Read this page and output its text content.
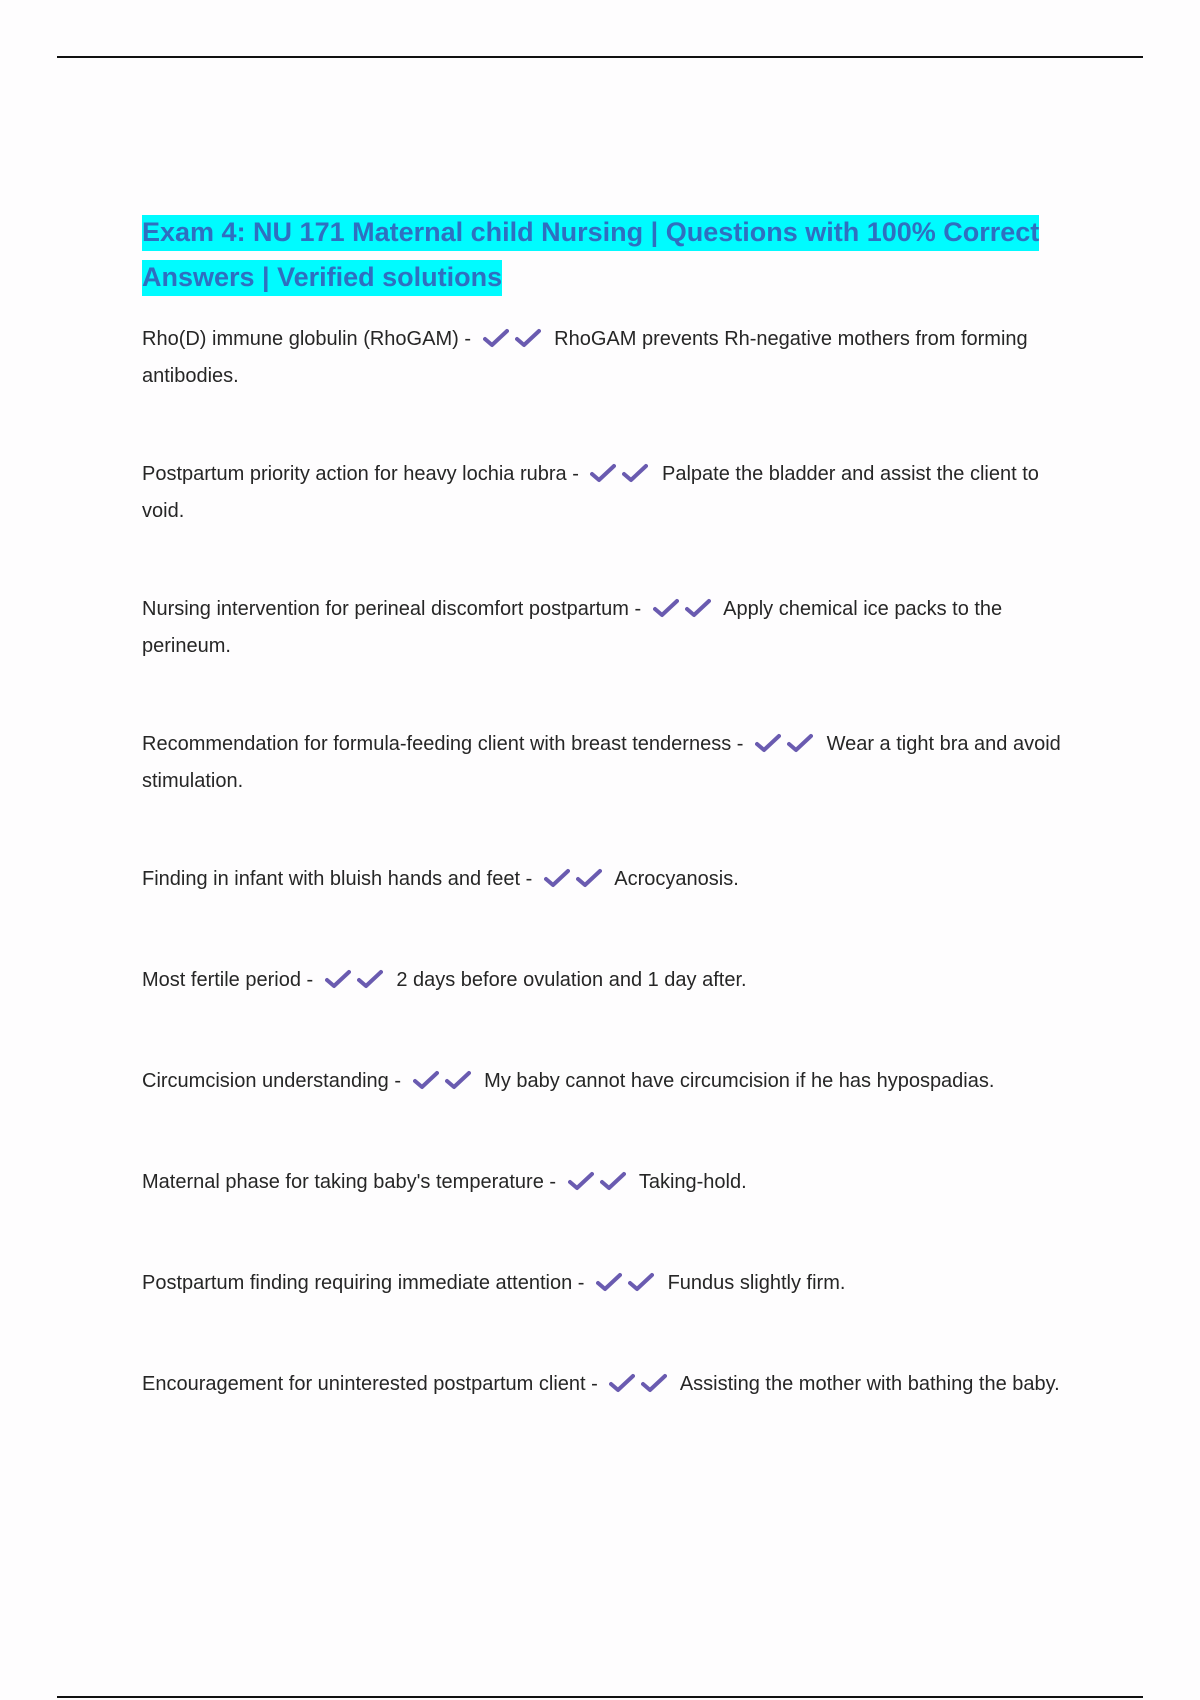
Exam 4: NU 171 Maternal child Nursing | Questions with 100% Correct Answers | Verified solutions
Rho(D) immune globulin (RhoGAM) -	RhoGAM prevents Rh-negative mothers from forming antibodies.
Postpartum priority action for heavy lochia rubra -	Palpate the bladder and assist the client to void.
Nursing intervention for perineal discomfort postpartum -	Apply chemical ice packs to the perineum.
Recommendation for formula-feeding client with breast tenderness -	Wear a tight bra and avoid stimulation.
Finding in infant with bluish hands and feet -	Acrocyanosis.
Most fertile period -	2 days before ovulation and 1 day after.
Circumcision understanding -	My baby cannot have circumcision if he has hypospadias.
Maternal phase for taking baby's temperature -	Taking-hold.
Postpartum finding requiring immediate attention -	Fundus slightly firm.
Encouragement for uninterested postpartum client -	Assisting the mother with bathing the baby.
